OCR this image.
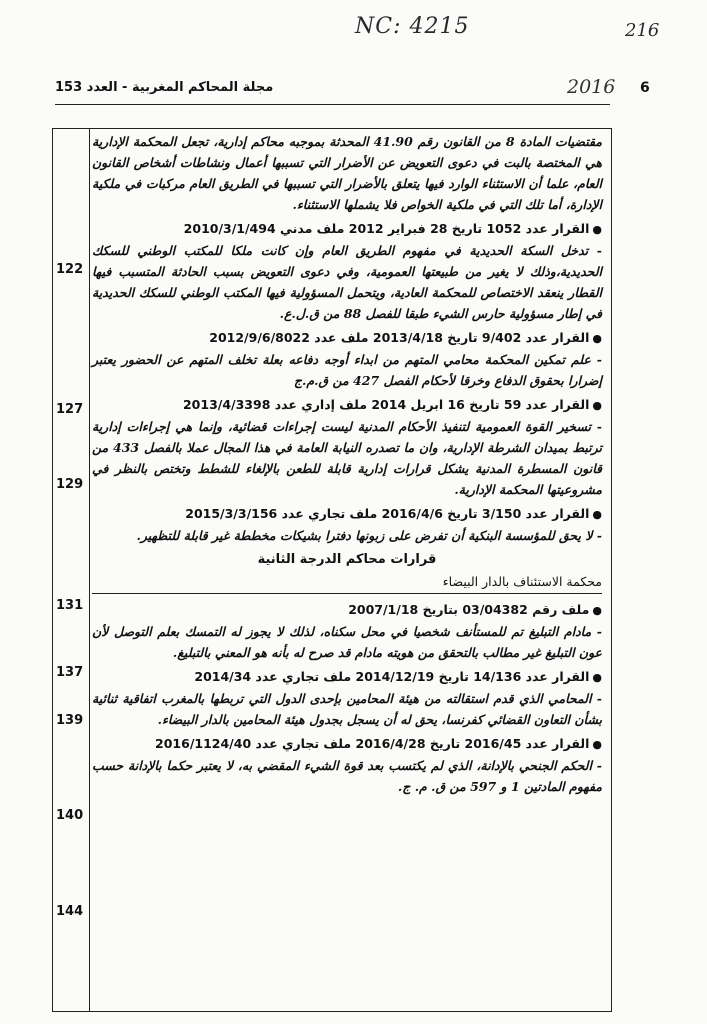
NC: 4215	216
مجلة المحاكم المغربية - العدد 153	2016 6
122
127
129
131
137
139
140
144

مقتضيات المادة 8 من القانون رقم 41.90 المحدثة بموجبه محاكم إدارية، تجعل المحكمة الإدارية هي المختصة بالبت في دعوى التعويض عن الأضرار التي تسببها أعمال ونشاطات أشخاص القانون العام، علما أن الاستثناء الوارد فيها يتعلق بالأضرار التي تسببها في الطريق العام مركبات في ملكية الإدارة، أما تلك التي في ملكية الخواص فلا يشملها الاستثناء.

●القرار عدد 1052 تاريخ 28 فبراير 2012 ملف مدني 2010/3/1/494

- تدخل السكة الحديدية في مفهوم الطريق العام وإن كانت ملكا للمكتب الوطني للسكك الحديدية،وذلك لا يغير من طبيعتها العمومية، وفي دعوى التعويض بسبب الحادثة المتسبب فيها القطار ينعقد الاختصاص للمحكمة العادية، ويتحمل المسؤولية فيها المكتب الوطني للسكك الحديدية في إطار مسؤولية حارس الشيء طبقا للفصل 88 من ق.ل.ع.

●القرار عدد 9/402 تاريخ 2013/4/18 ملف عدد 2012/9/6/8022

- علم تمكين المحكمة محامي المتهم من ابداء أوجه دفاعه بعلة تخلف المتهم عن الحضور يعتبر إضرارا بحقوق الدفاع وخرقا لأحكام الفصل 427 من ق.م.ج

●القرار عدد 59 تاريخ 16 ابريل 2014 ملف إداري عدد 2013/4/3398

- تسخير القوة العمومية لتنفيذ الأحكام المدنية ليست إجراءات قضائية، وإنما هي إجراءات إدارية ترتبط بميدان الشرطة الإدارية، وان ما تصدره النيابة العامة في هذا المجال عملا بالفصل 433 من قانون المسطرة المدنية يشكل قرارات إدارية قابلة للطعن بالإلغاء للشطط وتختص بالنظر في مشروعيتها المحكمة الإدارية.

●القرار عدد 3/150 تاريخ 2016/4/6 ملف تجاري عدد 2015/3/3/156

- لا يحق للمؤسسة البنكية أن تفرض على زبونها دفترا بشيكات مخططة غير قابلة للتظهير.

قرارات محاكم الدرجة الثانية
محكمة الاستئناف بالدار البيضاء

●ملف رقم 03/04382 بتاريخ 2007/1/18

- مادام التبليغ تم للمستأنف شخصيا في محل سكناه، لذلك لا يجوز له التمسك بعلم التوصل لأن عون التبليغ غير مطالب بالتحقق من هويته مادام قد صرح له بأنه هو المعني بالتبليغ.

●القرار عدد 14/136 تاريخ 2014/12/19 ملف تجاري عدد 2014/34

- المحامي الذي قدم استقالته من هيئة المحامين بإحدى الدول التي تربطها بالمغرب اتفاقية ثنائية بشأن التعاون القضائي كفرنسا، يحق له أن يسجل بجدول هيئة المحامين بالدار البيضاء.

●القرار عدد 2016/45 تاريخ 2016/4/28 ملف تجاري عدد 2016/1124/40

- الحكم الجنحي بالإدانة، الذي لم يكتسب بعد قوة الشيء المقضي به، لا يعتبر حكما بالإدانة حسب مفهوم المادتين 1 و 597 من ق. م. ج.
